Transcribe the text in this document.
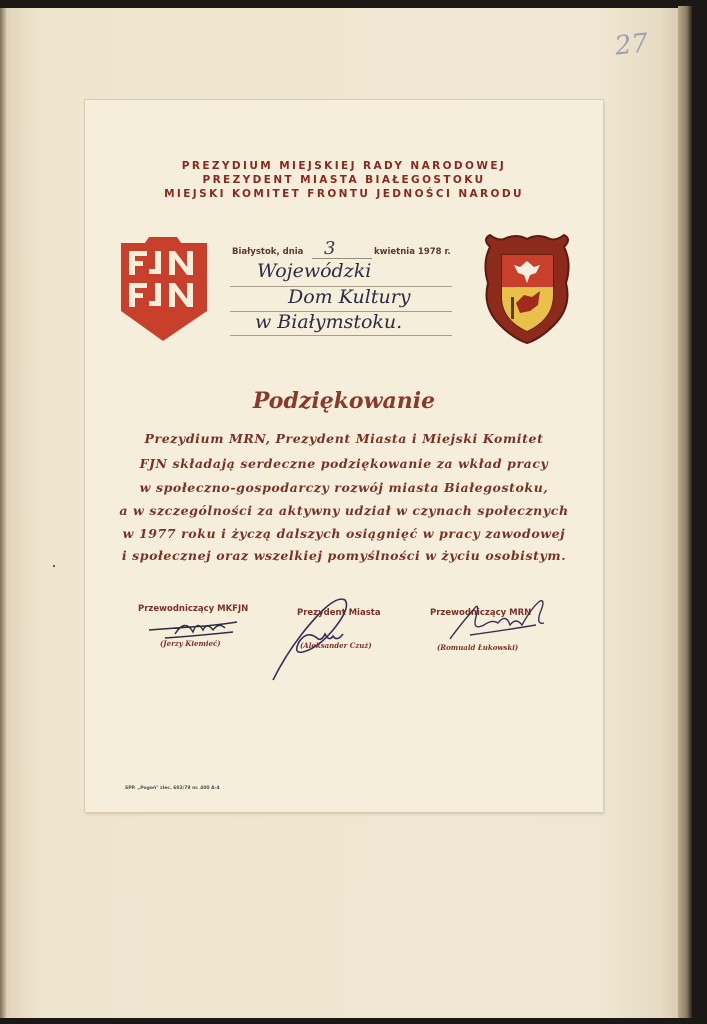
27
PREZYDIUM MIEJSKIEJ RADY NARODOWEJ
PREZYDENT MIASTA BIAŁEGOSTOKU
MIEJSKI KOMITET FRONTU JEDNOŚCI NARODU
Białystok, dnia 3	kwietnia 1978 r.
Wojewódzki
Dom Kultury
w Białymstoku.
Podziękowanie
Prezydium MRN, Prezydent Miasta i Miejski Komitet
FJN składają serdeczne podziękowanie za wkład pracy
w społeczno-gospodarczy rozwój miasta Białegostoku,
a w szczególności za aktywny udział w czynach społecznych
w 1977 roku i życzą dalszych osiągnięć w pracy zawodowej
i społecznej oraz wszelkiej pomyślności w życiu osobistym.
Przewodniczący MKFJN	Prezydent Miasta	Przewodniczący MRN
(Jerzy Kiemieć)	(Aleksander Czuż)	(Romuald Łukowski)
SPP. „Pogoń" zlec. 602/78 nr. 400 A-4
